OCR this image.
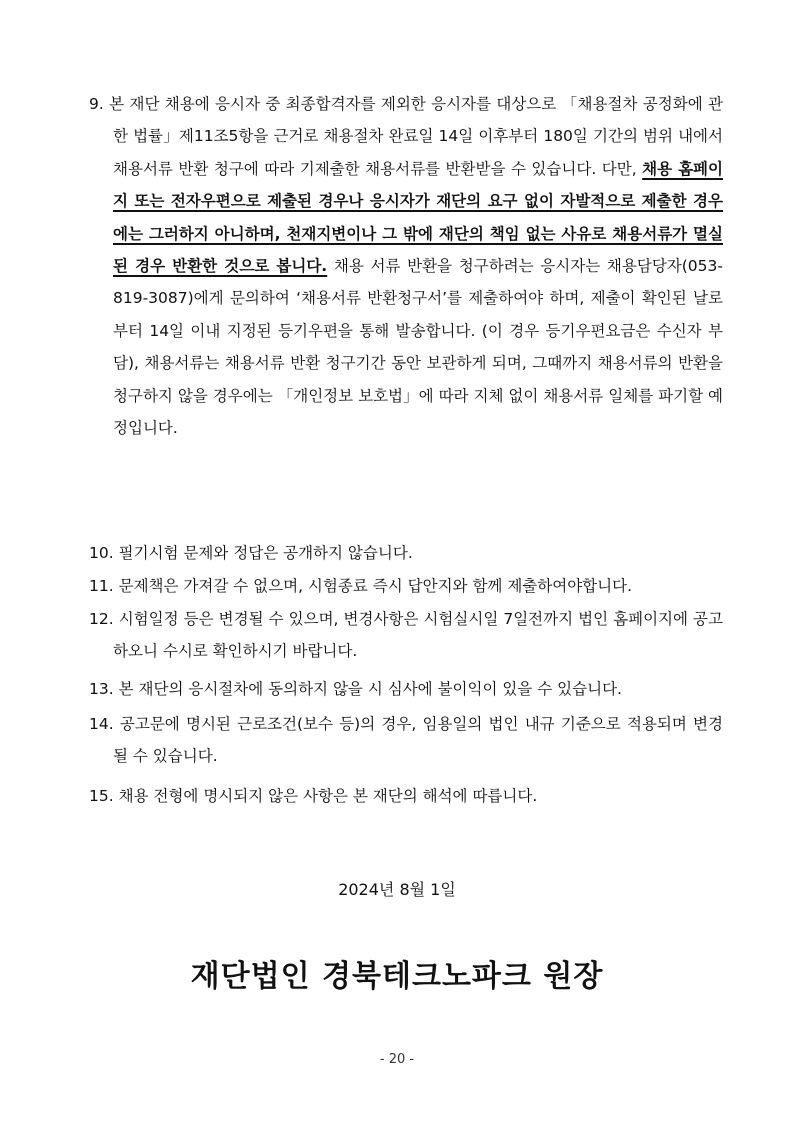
9. 본 재단 채용에 응시자 중 최종합격자를 제외한 응시자를 대상으로 「채용절차 공정화에 관한 법률」제11조5항을 근거로 채용절차 완료일 14일 이후부터 180일 기간의 범위 내에서 채용서류 반환 청구에 따라 기제출한 채용서류를 반환받을 수 있습니다. 다만, 채용 홈페이지 또는 전자우편으로 제출된 경우나 응시자가 재단의 요구 없이 자발적으로 제출한 경우에는 그러하지 아니하며, 천재지변이나 그 밖에 재단의 책임 없는 사유로 채용서류가 멸실된 경우 반환한 것으로 봅니다. 채용 서류 반환을 청구하려는 응시자는 채용담당자(053-819-3087)에게 문의하여 ‘채용서류 반환청구서’를 제출하여야 하며, 제출이 확인된 날로부터 14일 이내 지정된 등기우편을 통해 발송합니다. (이 경우 등기우편요금은 수신자 부담), 채용서류는 채용서류 반환 청구기간 동안 보관하게 되며, 그때까지 채용서류의 반환을 청구하지 않을 경우에는 「개인정보 보호법」에 따라 지체 없이 채용서류 일체를 파기할 예정입니다.
10. 필기시험 문제와 정답은 공개하지 않습니다.
11. 문제책은 가져갈 수 없으며, 시험종료 즉시 답안지와 함께 제출하여야합니다.
12. 시험일정 등은 변경될 수 있으며, 변경사항은 시험실시일 7일전까지 법인 홈페이지에 공고하오니 수시로 확인하시기 바랍니다.
13. 본 재단의 응시절차에 동의하지 않을 시 심사에 불이익이 있을 수 있습니다.
14. 공고문에 명시된 근로조건(보수 등)의 경우, 임용일의 법인 내규 기준으로 적용되며 변경될 수 있습니다.
15. 채용 전형에 명시되지 않은 사항은 본 재단의 해석에 따릅니다.
2024년 8월 1일
재단법인 경북테크노파크 원장
- 20 -
